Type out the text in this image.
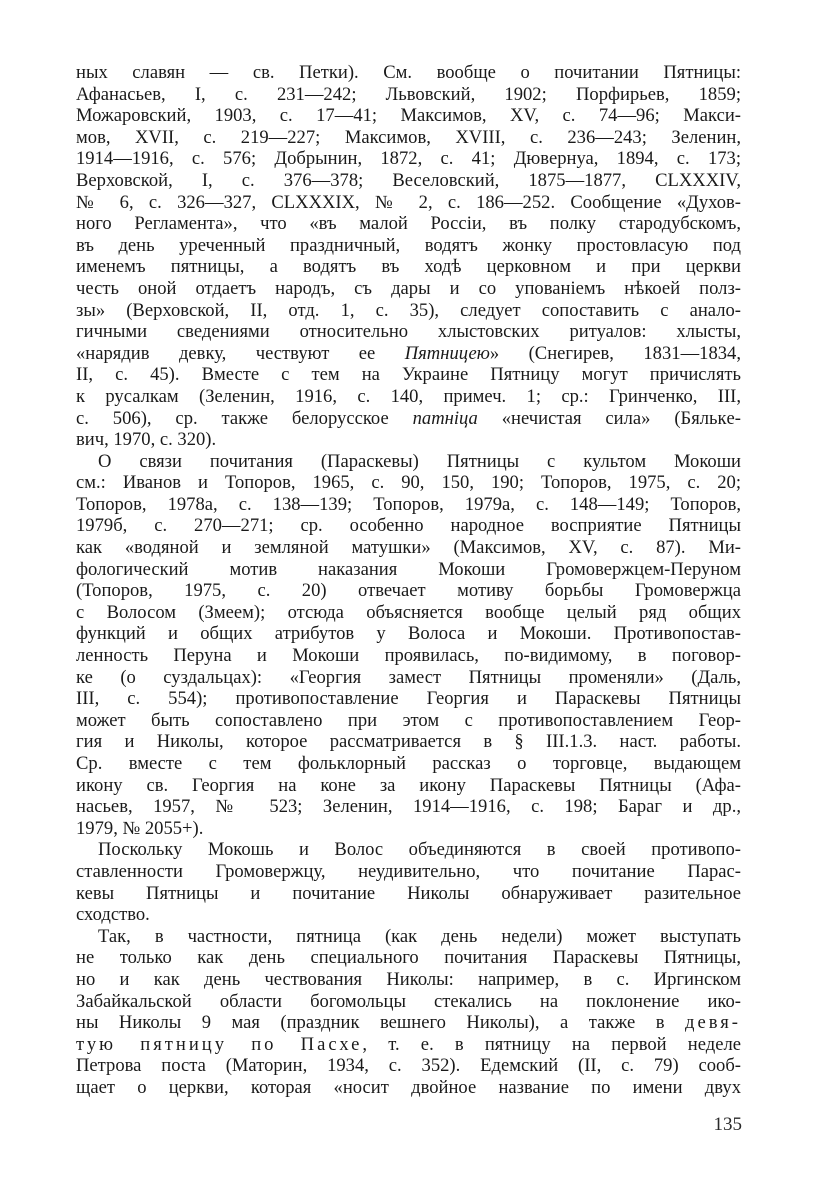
ных славян — св. Петки). См. вообще о почитании Пятницы:
Афанасьев, I, с. 231—242; Львовский, 1902; Порфирьев, 1859;
Можаровский, 1903, с. 17—41; Максимов, XV, с. 74—96; Макси-
мов, XVII, с. 219—227; Максимов, XVIII, с. 236—243; Зеленин,
1914—1916, с. 576; Добрынин, 1872, с. 41; Дювернуа, 1894, с. 173;
Верховской, I, с. 376—378; Веселовский, 1875—1877, CLXXXIV,
№ 6, с. 326—327, CLXXXIX, № 2, с. 186—252. Сообщение «Духов-
ного Регламента», что «въ малой Россіи, въ полку стародубскомъ,
въ день уреченный праздничный, водятъ жонку простовласую под
именемъ пятницы, а водятъ въ ходѣ церковном и при церкви
честь оной отдаетъ народъ, съ дары и со упованіемъ нѣкоей полз-
зы» (Верховской, II, отд. 1, с. 35), следует сопоставить с анало-
гичными сведениями относительно хлыстовских ритуалов: хлысты,
«нарядив девку, чествуют ее Пятницею» (Снегирев, 1831—1834,
II, с. 45). Вместе с тем на Украине Пятницу могут причислять
к русалкам (Зеленин, 1916, с. 140, примеч. 1; ср.: Гринченко, III,
с. 506), ср. также белорусское патніца «нечистая сила» (Бялькe-
вич, 1970, с. 320).
О связи почитания (Параскевы) Пятницы с культом Мокоши
см.: Иванов и Топоров, 1965, с. 90, 150, 190; Топоров, 1975, с. 20;
Топоров, 1978а, с. 138—139; Топоров, 1979а, с. 148—149; Топоров,
1979б, с. 270—271; ср. особенно народное восприятие Пятницы
как «водяной и земляной матушки» (Максимов, XV, с. 87). Ми-
фологический мотив наказания Мокоши Громовержцем-Перуном
(Топоров, 1975, с. 20) отвечает мотиву борьбы Громовержца
с Волосом (Змеем); отсюда объясняется вообще целый ряд общих
функций и общих атрибутов у Волоса и Мокоши. Противопостав-
ленность Перуна и Мокоши проявилась, по-видимому, в поговор-
ке (о суздальцах): «Георгия замест Пятницы променяли» (Даль,
III, с. 554); противопоставление Георгия и Параскевы Пятницы
может быть сопоставлено при этом с противопоставлением Геор-
гия и Николы, которое рассматривается в § III.1.3. наст. работы.
Ср. вместе с тем фольклорный рассказ о торговце, выдающем
икону св. Георгия на коне за икону Параскевы Пятницы (Афа-
насьев, 1957, № 523; Зеленин, 1914—1916, с. 198; Бараг и др.,
1979, № 2055+).
Поскольку Мокошь и Волос объединяются в своей противопо-
ставленности Громовержцу, неудивительно, что почитание Парас-
кевы Пятницы и почитание Николы обнаруживает разительное
сходство.
Так, в частности, пятница (как день недели) может выступать
не только как день специального почитания Параскевы Пятницы,
но и как день чествования Николы: например, в с. Иргинском
Забайкальской области богомольцы стекались на поклонение ико-
ны Николы 9 мая (праздник вешнего Николы), а также в девя-
тую пятницу по Пасхе, т. е. в пятницу на первой неделе
Петрова поста (Маторин, 1934, с. 352). Едемский (II, с. 79) сооб-
щает о церкви, которая «носит двойное название по имени двух
135
